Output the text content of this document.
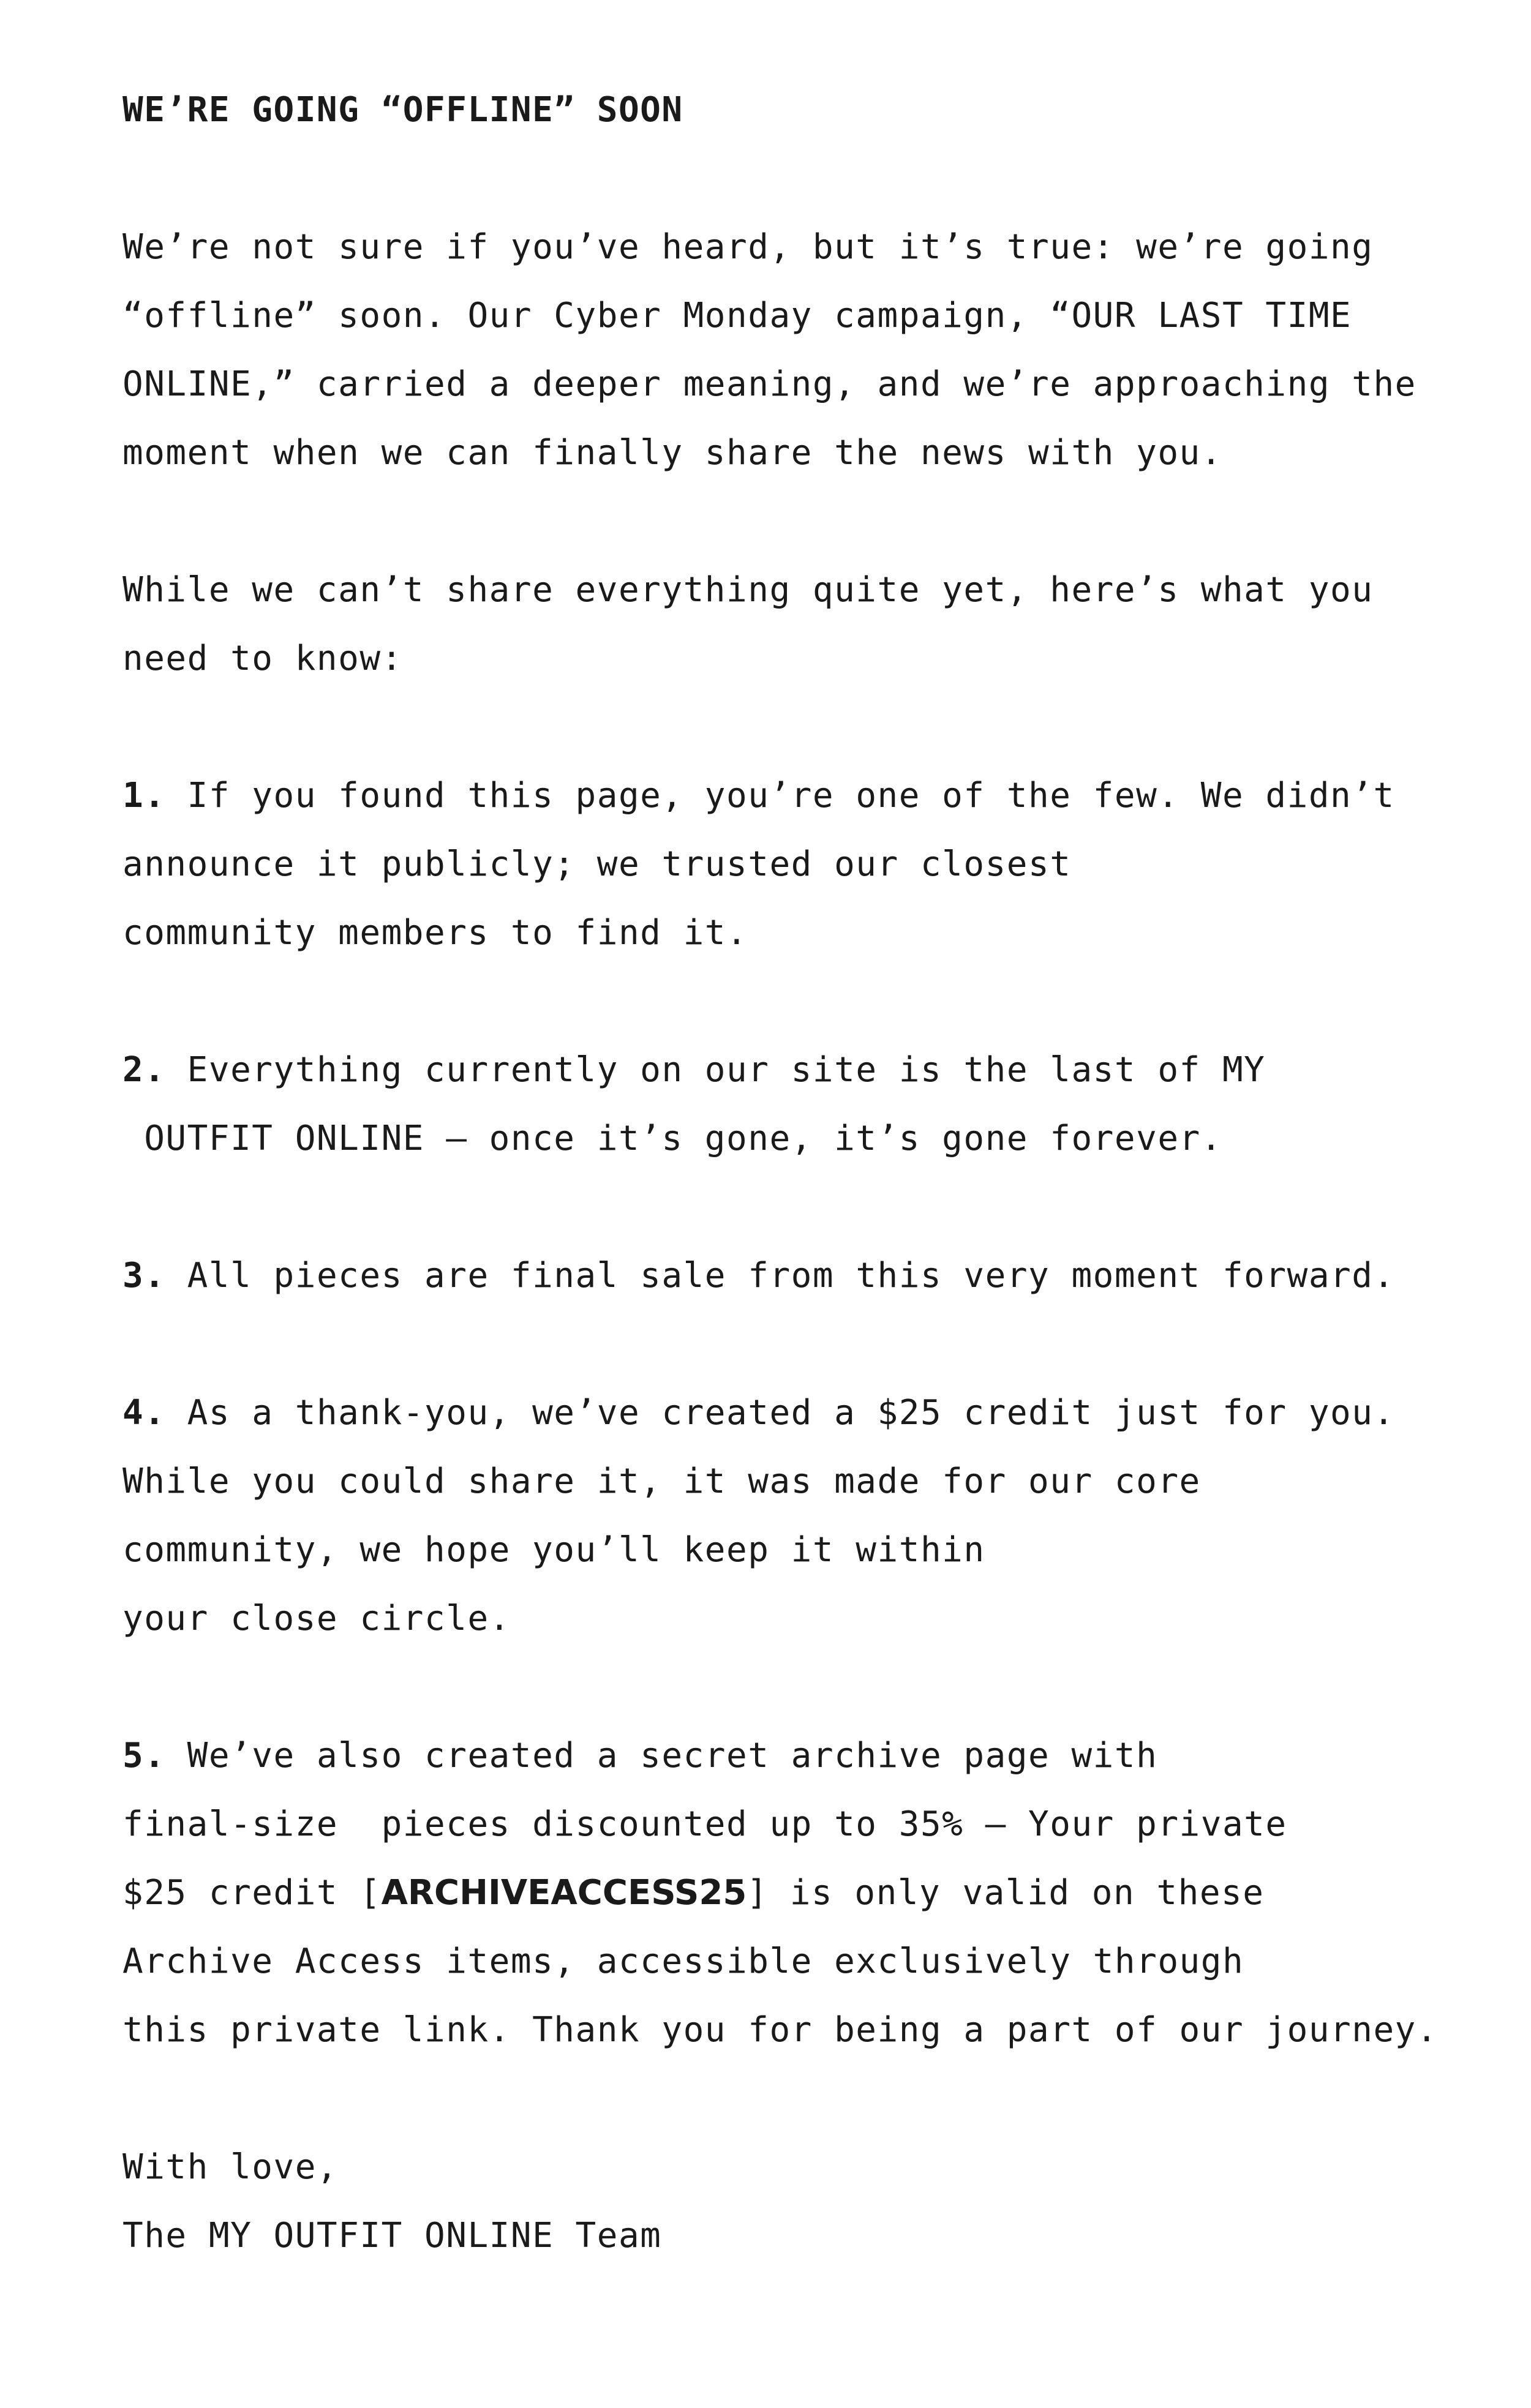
WE’RE GOING “OFFLINE” SOON
We’re not sure if you’ve heard, but it’s true: we’re going
“offline” soon. Our Cyber Monday campaign, “OUR LAST TIME
ONLINE,” carried a deeper meaning, and we’re approaching the
moment when we can finally share the news with you.
While we can’t share everything quite yet, here’s what you
need to know:
1. If you found this page, you’re one of the few. We didn’t
announce it publicly; we trusted our closest
community members to find it.
2. Everything currently on our site is the last of MY
OUTFIT ONLINE — once it’s gone, it’s gone forever.
3. All pieces are final sale from this very moment forward.
4. As a thank-you, we’ve created a $25 credit just for you.
While you could share it, it was made for our core
community, we hope you’ll keep it within
your close circle.
5. We’ve also created a secret archive page with
final-size  pieces discounted up to 35% — Your private
$25 credit [ARCHIVEACCESS25] is only valid on these
Archive Access items, accessible exclusively through
this private link. Thank you for being a part of our journey.
With love,
The MY OUTFIT ONLINE Team
